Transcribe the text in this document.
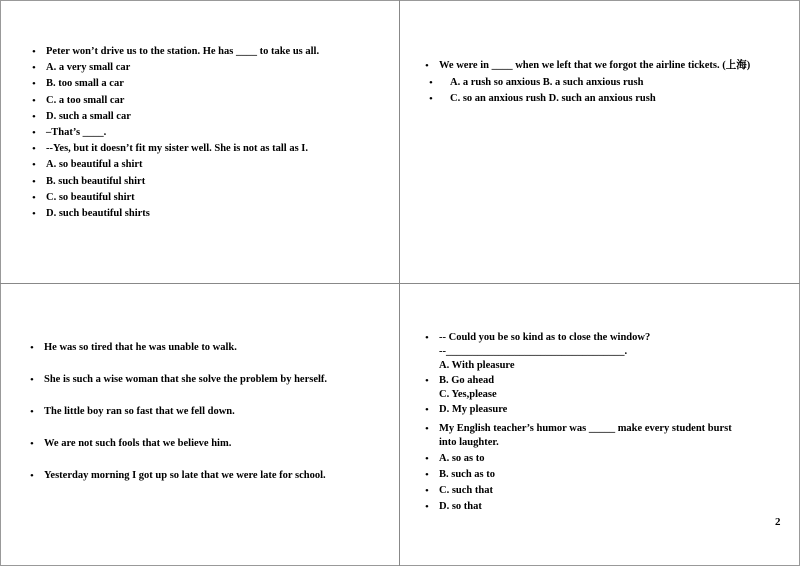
• Peter won’t drive us to the station. He has ____ to take us all.
• A. a very small car
• B. too small a car
• C. a too small car
• D. such a small car
• –That’s ____.
• --Yes, but it doesn’t fit my sister well. She is not as tall as I.
• A. so beautiful a shirt
• B. such beautiful shirt
• C. so beautiful shirt
• D. such beautiful shirts
• We were in ____ when we left that we forgot the airline tickets. (上海)
• A. a rush so anxious B. a such anxious rush
• C. so an anxious rush D. such an anxious rush
• He was so tired that he was unable to walk.
• She is such a wise woman that she solve the problem by herself.
• The little boy ran so fast that we fell down.
• We are not such fools that we believe him.
• Yesterday morning I got up so late that we were late for school.
• -- Could you be so kind as to close the window?
--__________________________________.
A. With pleasure
• B. Go ahead
C. Yes,please
• D. My pleasure
• My English teacher’s humor was _____ make every student burst
into laughter.
• A. so as to
• B. such as to
• C. such that
• D. so that
2
